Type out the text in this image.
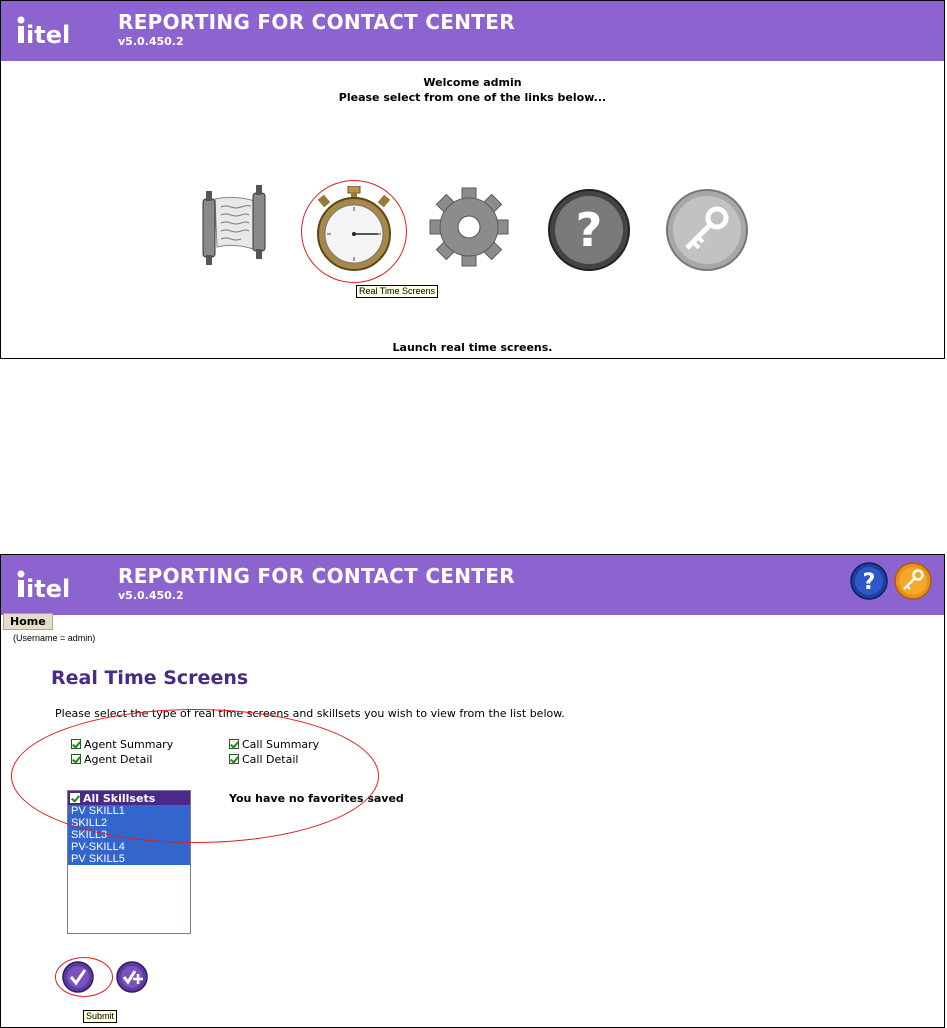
itel REPORTING FOR CONTACT CENTER
v5.0.450.2
Welcome admin
Please select from one of the links below...
Real Time Screens
?
Launch real time screens.
itel REPORTING FOR CONTACT CENTER
v5.0.450.2
?
Home
(Username = admin)
Real Time Screens
Please select the type of real time screens and skillsets you wish to view from the list below.
Agent Summary
Agent Detail
Call Summary
Call Detail
All Skillsets
PV SKILL1
SKILL2
SKILL3
PV-SKILL4
PV SKILL5
You have no favorites saved
Submit
